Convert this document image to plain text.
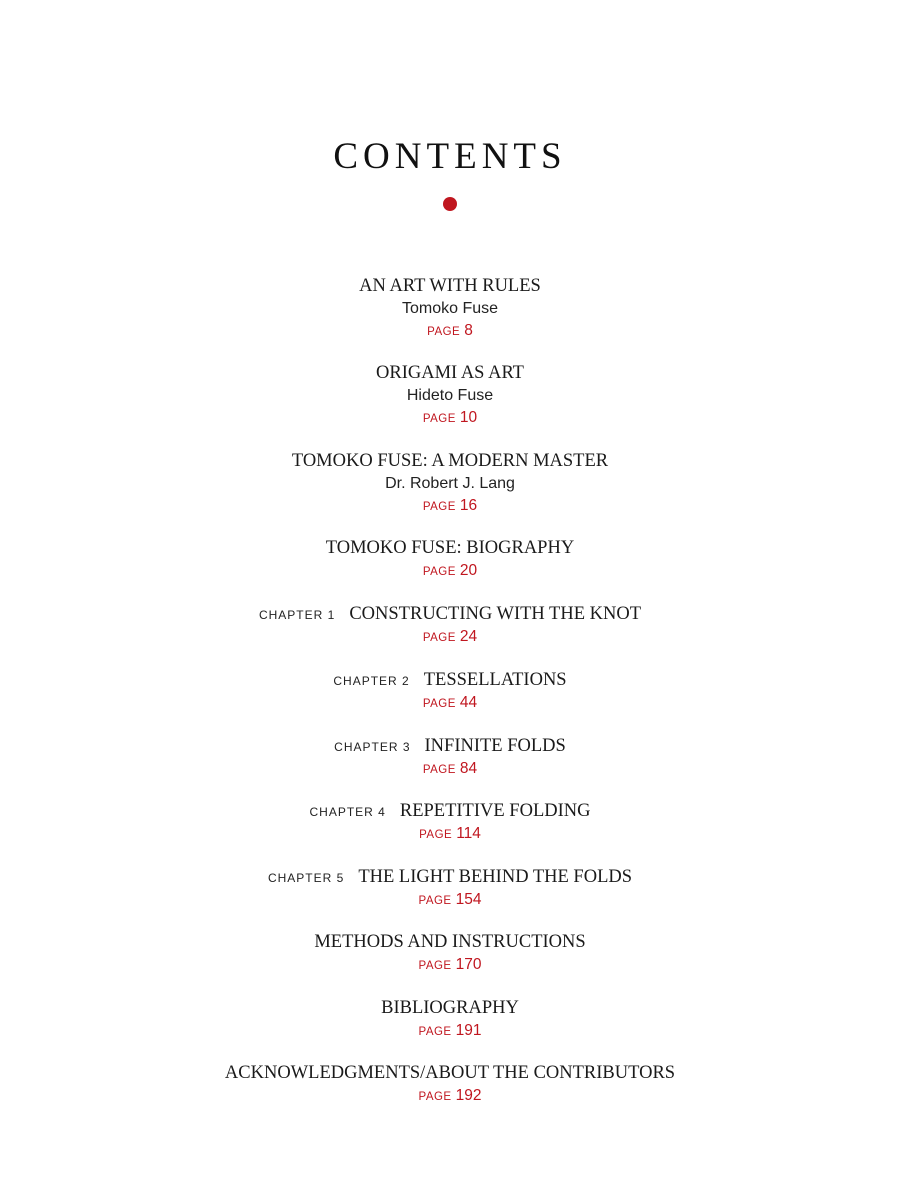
CONTENTS
AN ART WITH RULES
Tomoko Fuse
PAGE 8
ORIGAMI AS ART
Hideto Fuse
PAGE 10
TOMOKO FUSE: A MODERN MASTER
Dr. Robert J. Lang
PAGE 16
TOMOKO FUSE: BIOGRAPHY
PAGE 20
CHAPTER 1 CONSTRUCTING WITH THE KNOT
PAGE 24
CHAPTER 2 TESSELLATIONS
PAGE 44
CHAPTER 3 INFINITE FOLDS
PAGE 84
CHAPTER 4 REPETITIVE FOLDING
PAGE 114
CHAPTER 5 THE LIGHT BEHIND THE FOLDS
PAGE 154
METHODS AND INSTRUCTIONS
PAGE 170
BIBLIOGRAPHY
PAGE 191
ACKNOWLEDGMENTS/ABOUT THE CONTRIBUTORS
PAGE 192
